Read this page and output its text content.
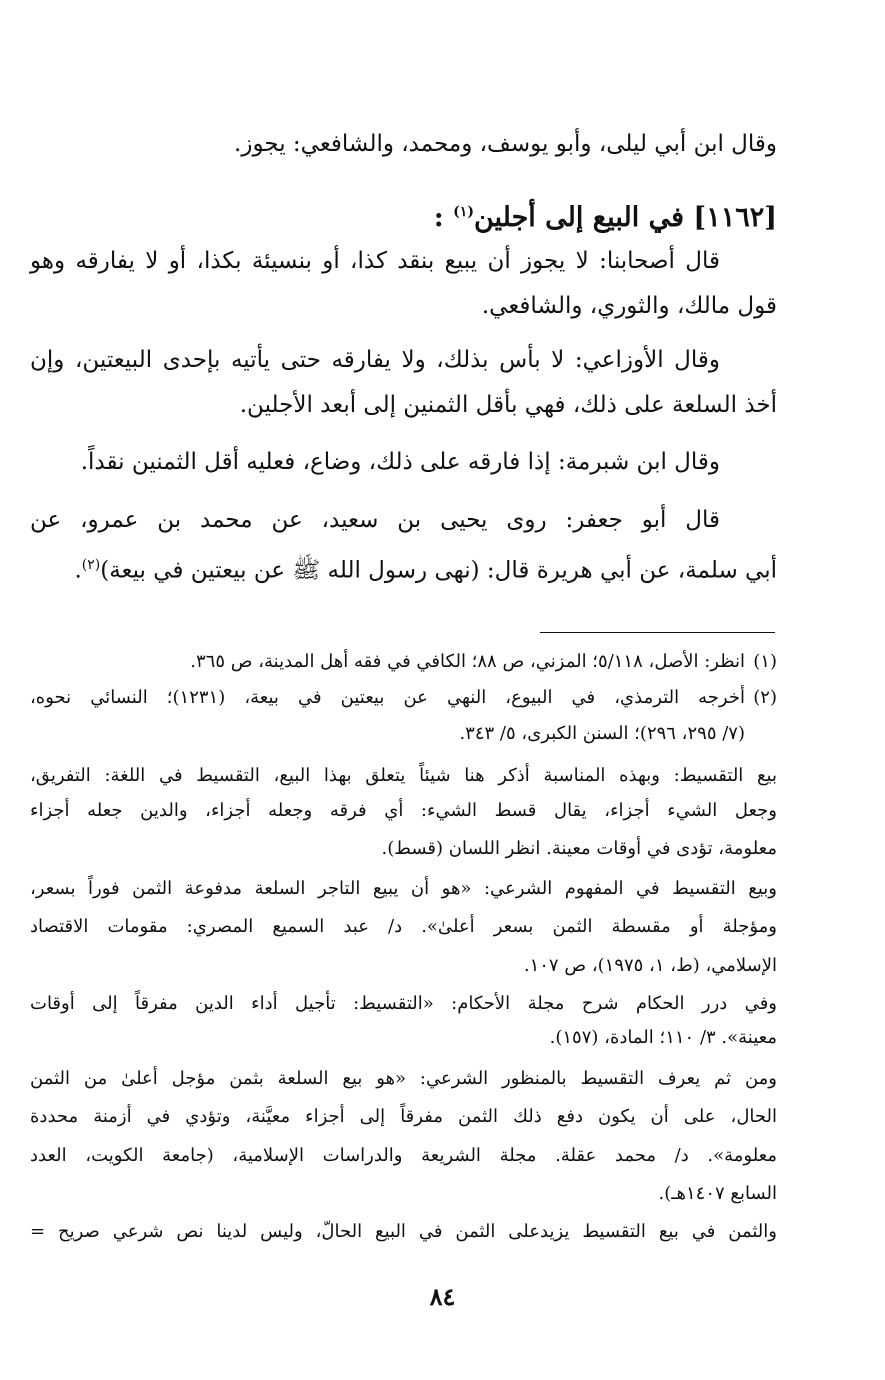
وقال ابن أبي ليلى، وأبو يوسف، ومحمد، والشافعي: يجوز.
[١١٦٢] في البيع إلى أجلين$^{(١)}$ :
قال أصحابنا: لا يجوز أن يبيع بنقد كذا، أو بنسيئة بكذا، أو لا يفارقه وهو
قول مالك، والثوري، والشافعي.
وقال الأوزاعي: لا بأس بذلك، ولا يفارقه حتى يأتيه بإحدى البيعتين، وإن
أخذ السلعة على ذلك، فهي بأقل الثمنين إلى أبعد الأجلين.
وقال ابن شبرمة: إذا فارقه على ذلك، وضاع، فعليه أقل الثمنين نقداً.
قال أبو جعفر: روى يحيى بن سعيد، عن محمد بن عمرو، عن
أبي سلمة، عن أبي هريرة قال: (نهى رسول الله ﷺ عن بيعتين في بيعة)$^{(٢)}$.
(١)
انظر: الأصل، ٥/١١٨؛ المزني، ص ٨٨؛ الكافي في فقه أهل المدينة، ص ٣٦٥.
(٢)
أخرجه الترمذي، في البيوع، النهي عن بيعتين في بيعة، (١٢٣١)؛ النسائي نحوه،
(٧/ ٢٩٥، ٢٩٦)؛ السنن الكبرى، ٥/ ٣٤٣.
بيع التقسيط: وبهذه المناسبة أذكر هنا شيئاً يتعلق بهذا البيع، التقسيط في اللغة: التفريق،
وجعل الشيء أجزاء، يقال قسط الشيء: أي فرقه وجعله أجزاء، والدين جعله أجزاء
معلومة، تؤدى في أوقات معينة. انظر اللسان (قسط).
وبيع التقسيط في المفهوم الشرعي: «هو أن يبيع التاجر السلعة مدفوعة الثمن فوراً بسعر،
ومؤجلة أو مقسطة الثمن بسعر أعلىٰ». د/ عبد السميع المصري: مقومات الاقتصاد
الإسلامي، (ط، ١، ١٩٧٥)، ص ١٠٧.
وفي درر الحكام شرح مجلة الأحكام: «التقسيط: تأجيل أداء الدين مفرقاً إلى أوقات
معينة». ٣/ ١١٠؛ المادة، (١٥٧).
ومن ثم يعرف التقسيط بالمنظور الشرعي: «هو بيع السلعة بثمن مؤجل أعلىٰ من الثمن
الحال، على أن يكون دفع ذلك الثمن مفرقاً إلى أجزاء معيَّنة، وتؤدي في أزمنة محددة
معلومة». د/ محمد عقلة. مجلة الشريعة والدراسات الإسلامية، (جامعة الكويت، العدد
السابع ١٤٠٧هـ).
والثمن في بيع التقسيط يزيدعلى الثمن في البيع الحالّ، وليس لدينا نص شرعي صريح =
٨٤
